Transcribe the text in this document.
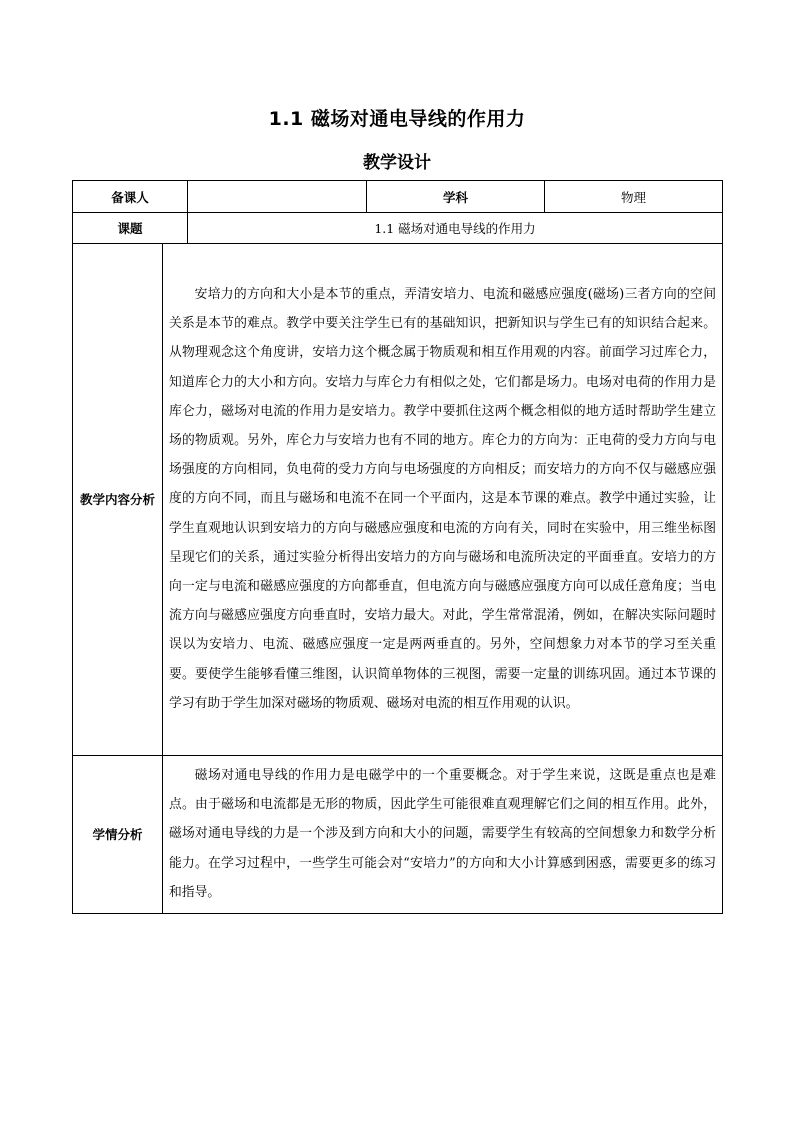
1.1 磁场对通电导线的作用力
教学设计
备课人			学科	物理
课题		1.1 磁场对通电导线的作用力		
教学内容分析	安培力的方向和大小是本节的重点，弄清安培力、电流和磁感应强度(磁场)三者方向的空间关系是本节的难点。教学中要关注学生已有的基础知识，把新知识与学生已有的知识结合起来。从物理观念这个角度讲，安培力这个概念属于物质观和相互作用观的内容。前面学习过库仑力，知道库仑力的大小和方向。安培力与库仑力有相似之处，它们都是场力。电场对电荷的作用力是库仑力，磁场对电流的作用力是安培力。教学中要抓住这两个概念相似的地方适时帮助学生建立场的物质观。另外，库仑力与安培力也有不同的地方。库仑力的方向为：正电荷的受力方向与电场强度的方向相同，负电荷的受力方向与电场强度的方向相反；而安培力的方向不仅与磁感应强度的方向不同，而且与磁场和电流不在同一个平面内，这是本节课的难点。教学中通过实验，让学生直观地认识到安培力的方向与磁感应强度和电流的方向有关，同时在实验中，用三维坐标图呈现它们的关系，通过实验分析得出安培力的方向与磁场和电流所决定的平面垂直。安培力的方向一定与电流和磁感应强度的方向都垂直，但电流方向与磁感应强度方向可以成任意角度；当电流方向与磁感应强度方向垂直时，安培力最大。对此，学生常常混淆，例如，在解决实际问题时误以为安培力、电流、磁感应强度一定是两两垂直的。另外，空间想象力对本节的学习至关重要。要使学生能够看懂三维图，认识简单物体的三视图，需要一定量的训练巩固。通过本节课的学习有助于学生加深对磁场的物质观、磁场对电流的相互作用观的认识。			

学情分析	磁场对通电导线的作用力是电磁学中的一个重要概念。对于学生来说，这既是重点也是难点。由于磁场和电流都是无形的物质，因此学生可能很难直观理解它们之间的相互作用。此外，磁场对通电导线的力是一个涉及到方向和大小的问题，需要学生有较高的空间想象力和数学分析能力。在学习过程中，一些学生可能会对“安培力”的方向和大小计算感到困惑，需要更多的练习和指导。			
